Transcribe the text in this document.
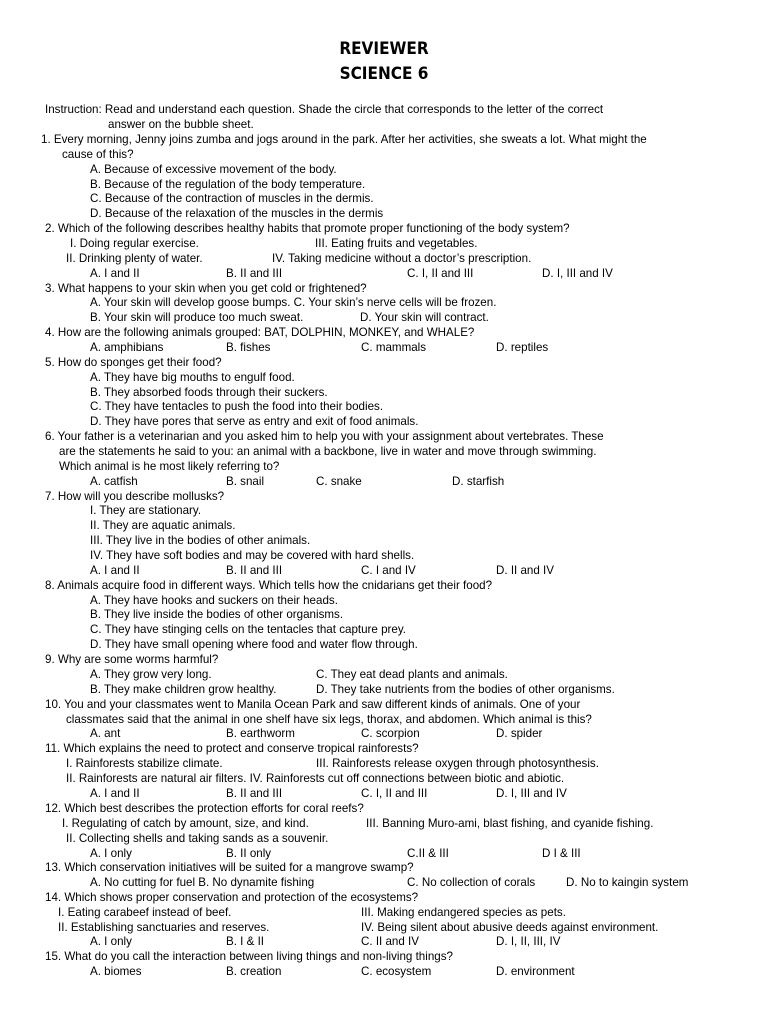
REVIEWER
SCIENCE 6
Instruction: Read and understand each question. Shade the circle that corresponds to the letter of the correct
answer on the bubble sheet.
1. Every morning, Jenny joins zumba and jogs around in the park. After her activities, she sweats a lot. What might the
cause of this?
A. Because of excessive movement of the body.
B. Because of the regulation of the body temperature.
C. Because of the contraction of muscles in the dermis.
D. Because of the relaxation of the muscles in the dermis
2. Which of the following describes healthy habits that promote proper functioning of the body system?
I. Doing regular exercise.	III. Eating fruits and vegetables.
II. Drinking plenty of water.	IV. Taking medicine without a doctor’s prescription.
A. I and II	B. II and III	C. I, II and III	D. I, III and IV
3. What happens to your skin when you get cold or frightened?
A. Your skin will develop goose bumps. C. Your skin’s nerve cells will be frozen.
B. Your skin will produce too much sweat.	D. Your skin will contract.
4. How are the following animals grouped: BAT, DOLPHIN, MONKEY, and WHALE?
A. amphibians	B. fishes	C. mammals	D. reptiles
5. How do sponges get their food?
A. They have big mouths to engulf food.
B. They absorbed foods through their suckers.
C. They have tentacles to push the food into their bodies.
D. They have pores that serve as entry and exit of food animals.
6. Your father is a veterinarian and you asked him to help you with your assignment about vertebrates. These
are the statements he said to you: an animal with a backbone, live in water and move through swimming.
Which animal is he most likely referring to?
A. catfish	B. snail	C. snake	D. starfish
7. How will you describe mollusks?
I. They are stationary.
II. They are aquatic animals.
III. They live in the bodies of other animals.
IV. They have soft bodies and may be covered with hard shells.
A. I and II	B. II and III	C. I and IV	D. II and IV
8. Animals acquire food in different ways. Which tells how the cnidarians get their food?
A. They have hooks and suckers on their heads.
B. They live inside the bodies of other organisms.
C. They have stinging cells on the tentacles that capture prey.
D. They have small opening where food and water flow through.
9. Why are some worms harmful?
A. They grow very long.	C. They eat dead plants and animals.
B. They make children grow healthy.	D. They take nutrients from the bodies of other organisms.
10. You and your classmates went to Manila Ocean Park and saw different kinds of animals. One of your
classmates said that the animal in one shelf have six legs, thorax, and abdomen. Which animal is this?
A. ant	B. earthworm	C. scorpion	D. spider
11. Which explains the need to protect and conserve tropical rainforests?
I. Rainforests stabilize climate.	III. Rainforests release oxygen through photosynthesis.
II. Rainforests are natural air filters. IV. Rainforests cut off connections between biotic and abiotic.
A. I and II	B. II and III	C. I, II and III	D. I, III and IV
12. Which best describes the protection efforts for coral reefs?
I. Regulating of catch by amount, size, and kind.	III. Banning Muro-ami, blast fishing, and cyanide fishing.
II. Collecting shells and taking sands as a souvenir.
A. I only	B. II only	C.II & III	D I & III
13. Which conservation initiatives will be suited for a mangrove swamp?
A. No cutting for fuel B. No dynamite fishing	C. No collection of corals	D. No to kaingin system
14. Which shows proper conservation and protection of the ecosystems?
I. Eating carabeef instead of beef.	III. Making endangered species as pets.
II. Establishing sanctuaries and reserves.	IV. Being silent about abusive deeds against environment.
A. I only	B. I & II	C. II and IV	D. I, II, III, IV
15. What do you call the interaction between living things and non-living things?
A. biomes	B. creation	C. ecosystem	D. environment
